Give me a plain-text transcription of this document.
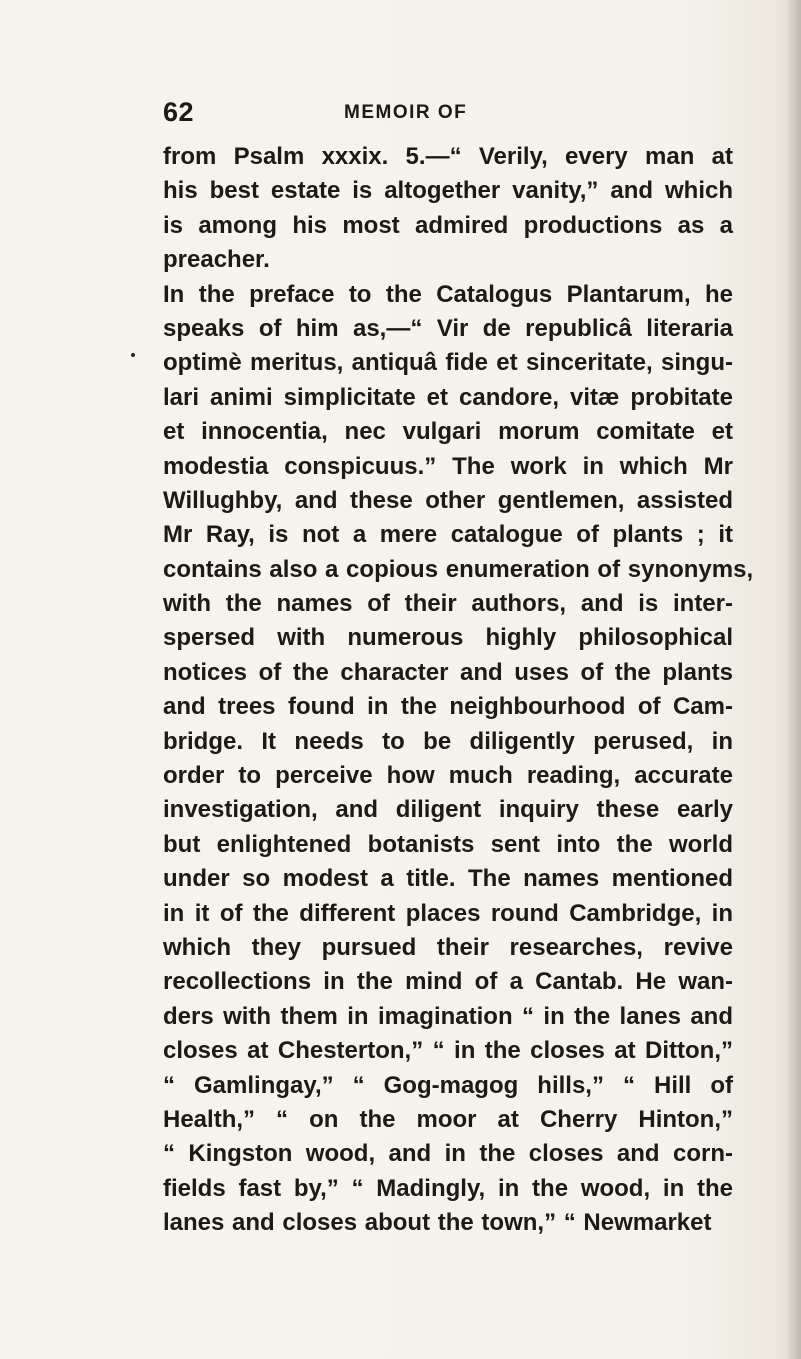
62	MEMOIR OF
from Psalm xxxix. 5.—“ Verily, every man at
his best estate is altogether vanity,” and which
is among his most admired productions as a
preacher.
In the preface to the Catalogus Plantarum, he
speaks of him as,—“ Vir de republicâ literaria
optimè meritus, antiquâ fide et sinceritate, singu-
lari animi simplicitate et candore, vitæ probitate
et innocentia, nec vulgari morum comitate et
modestia conspicuus.” The work in which Mr
Willughby, and these other gentlemen, assisted
Mr Ray, is not a mere catalogue of plants ; it
contains also a copious enumeration of synonyms,
with the names of their authors, and is inter-
spersed with numerous highly philosophical
notices of the character and uses of the plants
and trees found in the neighbourhood of Cam-
bridge. It needs to be diligently perused, in
order to perceive how much reading, accurate
investigation, and diligent inquiry these early
but enlightened botanists sent into the world
under so modest a title. The names mentioned
in it of the different places round Cambridge, in
which they pursued their researches, revive
recollections in the mind of a Cantab. He wan-
ders with them in imagination “ in the lanes and
closes at Chesterton,” “ in the closes at Ditton,”
“ Gamlingay,” “ Gog-magog hills,” “ Hill of
Health,” “ on the moor at Cherry Hinton,”
“ Kingston wood, and in the closes and corn-
fields fast by,” “ Madingly, in the wood, in the
lanes and closes about the town,” “ Newmarket
